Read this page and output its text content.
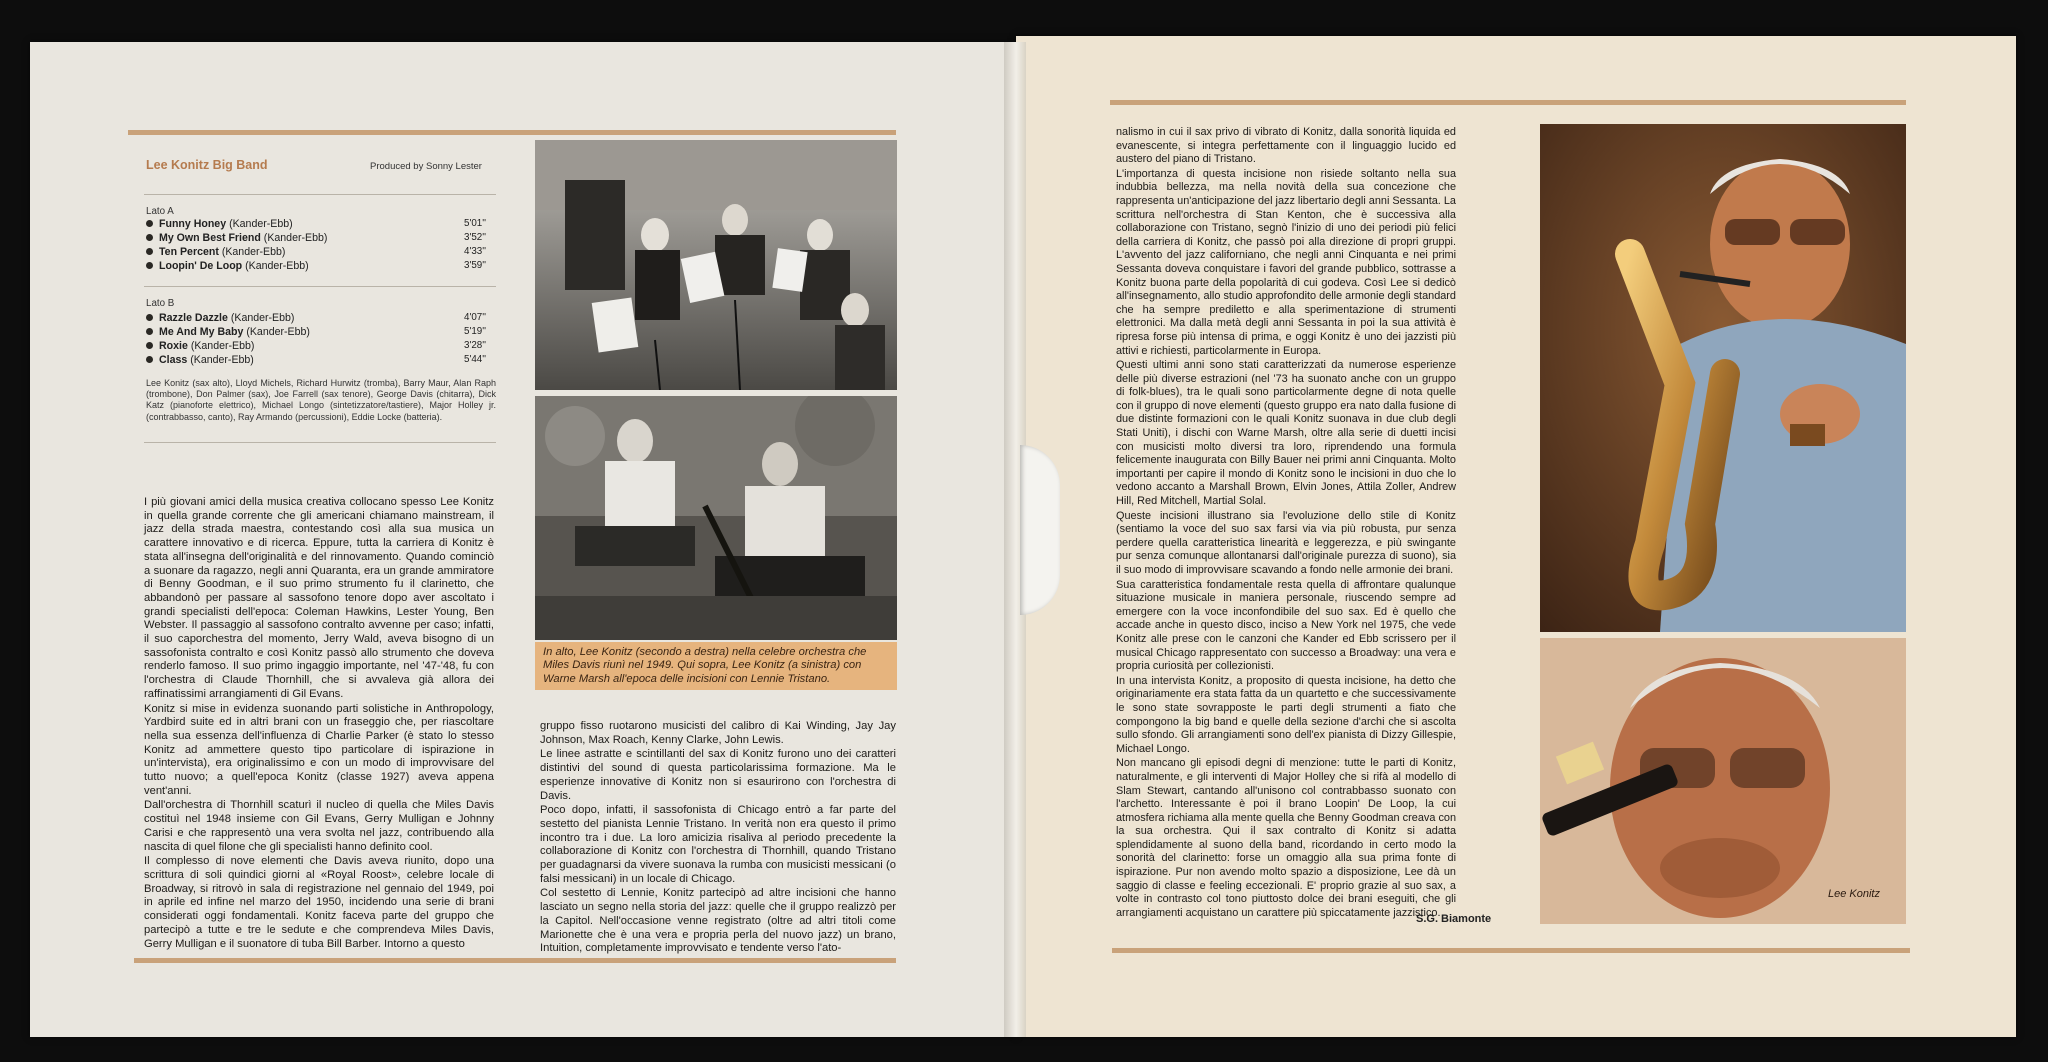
Lee Konitz Big Band	Produced by Sonny Lester
Lato A
Funny Honey (Kander-Ebb)	5'01''
My Own Best Friend (Kander-Ebb)	3'52''
Ten Percent (Kander-Ebb)	4'33''
Loopin' De Loop (Kander-Ebb)	3'59''
Lato B
Razzle Dazzle (Kander-Ebb)	4'07''
Me And My Baby (Kander-Ebb)	5'19''
Roxie (Kander-Ebb)	3'28''
Class (Kander-Ebb)	5'44''
Lee Konitz (sax alto), Lloyd Michels, Richard Hurwitz (tromba), Barry Maur, Alan Raph (trombone), Don Palmer (sax), Joe Farrell (sax tenore), George Davis (chitarra), Dick Katz (pianoforte elettrico), Michael Longo (sintetizzatore/tastiere), Major Holley jr. (contrabbasso, canto), Ray Armando (percussioni), Eddie Locke (batteria).
In alto, Lee Konitz (secondo a destra) nella celebre orchestra che Miles Davis riunì nel 1949. Qui sopra, Lee Konitz (a sinistra) con Warne Marsh all'epoca delle incisioni con Lennie Tristano.

I più giovani amici della musica creativa collocano spesso Lee Konitz in quella grande corrente che gli americani chiamano mainstream, il jazz della strada maestra, contestando così alla sua musica un carattere innovativo e di ricerca. Eppure, tutta la carriera di Konitz è stata all'insegna dell'originalità e del rinnovamento. Quando cominciò a suonare da ragazzo, negli anni Quaranta, era un grande ammiratore di Benny Goodman, e il suo primo strumento fu il clarinetto, che abbandonò per passare al sassofono tenore dopo aver ascoltato i grandi specialisti dell'epoca: Coleman Hawkins, Lester Young, Ben Webster. Il passaggio al sassofono contralto avvenne per caso; infatti, il suo caporchestra del momento, Jerry Wald, aveva bisogno di un sassofonista contralto e così Konitz passò allo strumento che doveva renderlo famoso. Il suo primo ingaggio importante, nel '47-'48, fu con l'orchestra di Claude Thornhill, che si avvaleva già allora dei raffinatissimi arrangiamenti di Gil Evans.

Konitz si mise in evidenza suonando parti solistiche in Anthropology, Yardbird suite ed in altri brani con un fraseggio che, per riascoltare nella sua essenza dell'influenza di Charlie Parker (è stato lo stesso Konitz ad ammettere questo tipo particolare di ispirazione in un'intervista), era originalissimo e con un modo di improvvisare del tutto nuovo; a quell'epoca Konitz (classe 1927) aveva appena vent'anni.

Dall'orchestra di Thornhill scaturì il nucleo di quella che Miles Davis costituì nel 1948 insieme con Gil Evans, Gerry Mulligan e Johnny Carisi e che rappresentò una vera svolta nel jazz, contribuendo alla nascita di quel filone che gli specialisti hanno definito cool.

Il complesso di nove elementi che Davis aveva riunito, dopo una scrittura di soli quindici giorni al «Royal Roost», celebre locale di Broadway, si ritrovò in sala di registrazione nel gennaio del 1949, poi in aprile ed infine nel marzo del 1950, incidendo una serie di brani considerati oggi fondamentali. Konitz faceva parte del gruppo che partecipò a tutte e tre le sedute e che comprendeva Miles Davis, Gerry Mulligan e il suonatore di tuba Bill Barber. Intorno a questo

gruppo fisso ruotarono musicisti del calibro di Kai Winding, Jay Jay Johnson, Max Roach, Kenny Clarke, John Lewis.

Le linee astratte e scintillanti del sax di Konitz furono uno dei caratteri distintivi del sound di questa particolarissima formazione. Ma le esperienze innovative di Konitz non si esaurirono con l'orchestra di Davis.

Poco dopo, infatti, il sassofonista di Chicago entrò a far parte del sestetto del pianista Lennie Tristano. In verità non era questo il primo incontro tra i due. La loro amicizia risaliva al periodo precedente la collaborazione di Konitz con l'orchestra di Thornhill, quando Tristano per guadagnarsi da vivere suonava la rumba con musicisti messicani (o falsi messicani) in un locale di Chicago.

Col sestetto di Lennie, Konitz partecipò ad altre incisioni che hanno lasciato un segno nella storia del jazz: quelle che il gruppo realizzò per la Capitol. Nell'occasione venne registrato (oltre ad altri titoli come Marionette che è una vera e propria perla del nuovo jazz) un brano, Intuition, completamente improvvisato e tendente verso l'ato-

nalismo in cui il sax privo di vibrato di Konitz, dalla sonorità liquida ed evanescente, si integra perfettamente con il linguaggio lucido ed austero del piano di Tristano.

L'importanza di questa incisione non risiede soltanto nella sua indubbia bellezza, ma nella novità della sua concezione che rappresenta un'anticipazione del jazz libertario degli anni Sessanta. La scrittura nell'orchestra di Stan Kenton, che è successiva alla collaborazione con Tristano, segnò l'inizio di uno dei periodi più felici della carriera di Konitz, che passò poi alla direzione di propri gruppi. L'avvento del jazz californiano, che negli anni Cinquanta e nei primi Sessanta doveva conquistare i favori del grande pubblico, sottrasse a Konitz buona parte della popolarità di cui godeva. Così Lee si dedicò all'insegnamento, allo studio approfondito delle armonie degli standard che ha sempre prediletto e alla sperimentazione di strumenti elettronici. Ma dalla metà degli anni Sessanta in poi la sua attività è ripresa forse più intensa di prima, e oggi Konitz è uno dei jazzisti più attivi e richiesti, particolarmente in Europa.

Questi ultimi anni sono stati caratterizzati da numerose esperienze delle più diverse estrazioni (nel '73 ha suonato anche con un gruppo di folk-blues), tra le quali sono particolarmente degne di nota quelle con il gruppo di nove elementi (questo gruppo era nato dalla fusione di due distinte formazioni con le quali Konitz suonava in due club degli Stati Uniti), i dischi con Warne Marsh, oltre alla serie di duetti incisi con musicisti molto diversi tra loro, riprendendo una formula felicemente inaugurata con Billy Bauer nei primi anni Cinquanta. Molto importanti per capire il mondo di Konitz sono le incisioni in duo che lo vedono accanto a Marshall Brown, Elvin Jones, Attila Zoller, Andrew Hill, Red Mitchell, Martial Solal.

Queste incisioni illustrano sia l'evoluzione dello stile di Konitz (sentiamo la voce del suo sax farsi via via più robusta, pur senza perdere quella caratteristica linearità e leggerezza, e più swingante pur senza comunque allontanarsi dall'originale purezza di suono), sia il suo modo di improvvisare scavando a fondo nelle armonie dei brani.

Sua caratteristica fondamentale resta quella di affrontare qualunque situazione musicale in maniera personale, riuscendo sempre ad emergere con la voce inconfondibile del suo sax. Ed è quello che accade anche in questo disco, inciso a New York nel 1975, che vede Konitz alle prese con le canzoni che Kander ed Ebb scrissero per il musical Chicago rappresentato con successo a Broadway: una vera e propria curiosità per collezionisti.

In una intervista Konitz, a proposito di questa incisione, ha detto che originariamente era stata fatta da un quartetto e che successivamente le sono state sovrapposte le parti degli strumenti a fiato che compongono la big band e quelle della sezione d'archi che si ascolta sullo sfondo. Gli arrangiamenti sono dell'ex pianista di Dizzy Gillespie, Michael Longo.

Non mancano gli episodi degni di menzione: tutte le parti di Konitz, naturalmente, e gli interventi di Major Holley che si rifà al modello di Slam Stewart, cantando all'unisono col contrabbasso suonato con l'archetto. Interessante è poi il brano Loopin' De Loop, la cui atmosfera richiama alla mente quella che Benny Goodman creava con la sua orchestra. Qui il sax contralto di Konitz si adatta splendidamente al suono della band, ricordando in certo modo la sonorità del clarinetto: forse un omaggio alla sua prima fonte di ispirazione. Pur non avendo molto spazio a disposizione, Lee dà un saggio di classe e feeling eccezionali. E' proprio grazie al suo sax, a volte in contrasto col tono piuttosto dolce dei brani eseguiti, che gli arrangiamenti acquistano un carattere più spiccatamente jazzistico.

S.G. Biamonte
Lee Konitz
